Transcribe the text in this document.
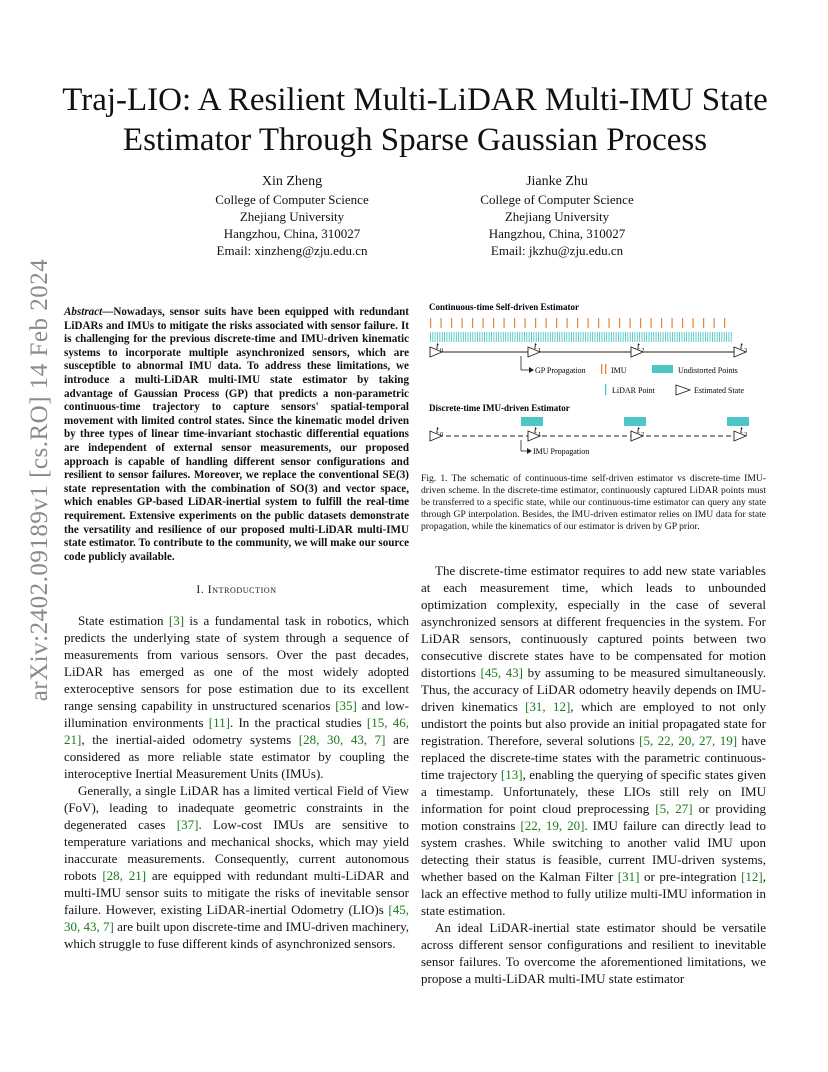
arXiv:2402.09189v1 [cs.RO] 14 Feb 2024
Traj-LIO: A Resilient Multi-LiDAR Multi-IMU State Estimator Through Sparse Gaussian Process
Xin Zheng
College of Computer Science
Zhejiang University
Hangzhou, China, 310027
Email: xinzheng@zju.edu.cn
Jianke Zhu
College of Computer Science
Zhejiang University
Hangzhou, China, 310027
Email: jkzhu@zju.edu.cn

Abstract—Nowadays, sensor suits have been equipped with redundant LiDARs and IMUs to mitigate the risks associated with sensor failure. It is challenging for the previous discrete-time and IMU-driven kinematic systems to incorporate multiple asynchronized sensors, which are susceptible to abnormal IMU data. To address these limitations, we introduce a multi-LiDAR multi-IMU state estimator by taking advantage of Gaussian Process (GP) that predicts a non-parametric continuous-time trajectory to capture sensors' spatial-temporal movement with limited control states. Since the kinematic model driven by three types of linear time-invariant stochastic differential equations are independent of external sensor measurements, our proposed approach is capable of handling different sensor configurations and resilient to sensor failures. Moreover, we replace the conventional SE(3) state representation with the combination of SO(3) and vector space, which enables GP-based LiDAR-inertial system to fulfill the real-time requirement. Extensive experiments on the public datasets demonstrate the versatility and resilience of our proposed multi-LiDAR multi-IMU state estimator. To contribute to the community, we will make our source code publicly available.

I. Introduction

State estimation [3] is a fundamental task in robotics, which predicts the underlying state of system through a sequence of measurements from various sensors. Over the past decades, LiDAR has emerged as one of the most widely adopted exteroceptive sensors for pose estimation due to its excellent range sensing capability in unstructured scenarios [35] and low-illumination environments [11]. In the practical studies [15, 46, 21], the inertial-aided odometry systems [28, 30, 43, 7] are considered as more reliable state estimator by coupling the interoceptive Inertial Measurement Units (IMUs).

Generally, a single LiDAR has a limited vertical Field of View (FoV), leading to inadequate geometric constraints in the degenerated cases [37]. Low-cost IMUs are sensitive to temperature variations and mechanical shocks, which may yield inaccurate measurements. Consequently, current autonomous robots [28, 21] are equipped with redundant multi-LiDAR and multi-IMU sensor suits to mitigate the risks of inevitable sensor failure. However, existing LiDAR-inertial Odometry (LIO)s [45, 30, 43, 7] are built upon discrete-time and IMU-driven machinery, which struggle to fuse different kinds of asynchronized sensors.

Continuous-time Self-driven Estimator
t 0	t 1	t 2	t 3
GP Propagation	IMU	Undistorted Points
LiDAR Point	Estimated State
Discrete-time IMU-driven Estimator
t 0	t 1	t 2	t 3
IMU Propagation

Fig. 1. The schematic of continuous-time self-driven estimator vs discrete-time IMU-driven scheme. In the discrete-time estimator, continuously captured LiDAR points must be transferred to a specific state, while our continuous-time estimator can query any state through GP interpolation. Besides, the IMU-driven estimator relies on IMU data for state propagation, while the kinematics of our estimator is driven by GP prior.

The discrete-time estimator requires to add new state variables at each measurement time, which leads to unbounded optimization complexity, especially in the case of several asynchronized sensors at different frequencies in the system. For LiDAR sensors, continuously captured points between two consecutive discrete states have to be compensated for motion distortions [45, 43] by assuming to be measured simultaneously. Thus, the accuracy of LiDAR odometry heavily depends on IMU-driven kinematics [31, 12], which are employed to not only undistort the points but also provide an initial propagated state for registration. Therefore, several solutions [5, 22, 20, 27, 19] have replaced the discrete-time states with the parametric continuous-time trajectory [13], enabling the querying of specific states given a timestamp. Unfortunately, these LIOs still rely on IMU information for point cloud preprocessing [5, 27] or providing motion constrains [22, 19, 20]. IMU failure can directly lead to system crashes. While switching to another valid IMU upon detecting their status is feasible, current IMU-driven systems, whether based on the Kalman Filter [31] or pre-integration [12], lack an effective method to fully utilize multi-IMU information in state estimation.

An ideal LiDAR-inertial state estimator should be versatile across different sensor configurations and resilient to inevitable sensor failures. To overcome the aforementioned limitations, we propose a multi-LiDAR multi-IMU state estimator
